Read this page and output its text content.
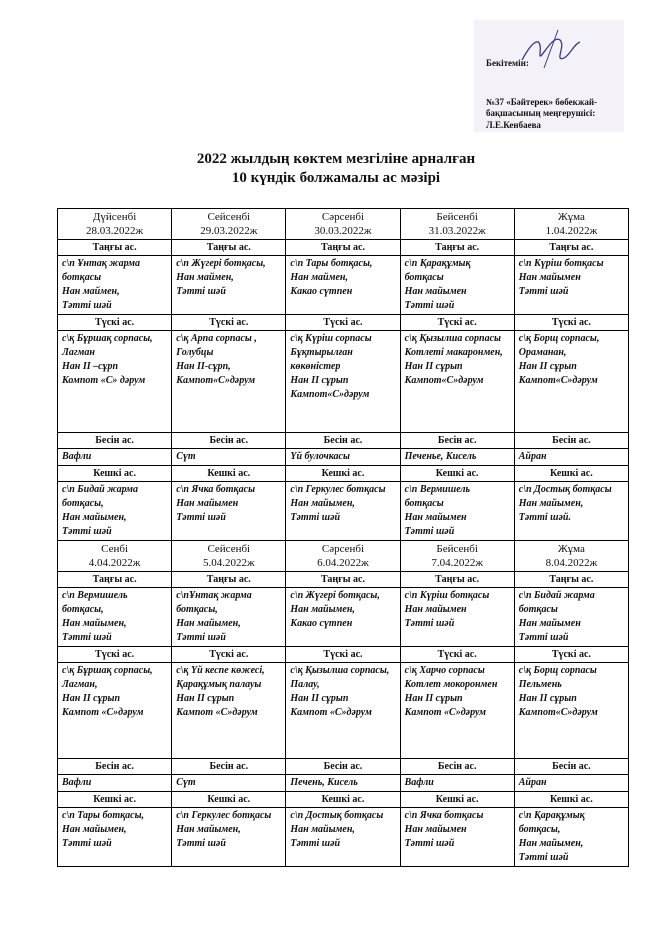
Бекітемін:
№37 «Бәйтерек» бөбекжай-бақшасының меңгерушісі:
Л.Е.Кенбаева
2022 жылдың көктем мезгіліне арналған
10 күндік болжамалы ас мәзірі
Дүйсенбі
28.03.2022ж	Сейсенбі
29.03.2022ж	Сәрсенбі
30.03.2022ж	Бейсенбі
31.03.2022ж	Жұма
1.04.2022ж

Таңғы ас.	Таңғы ас.	Таңғы ас.	Таңғы ас.	Таңғы ас.

с\п Ұнтақ жарма ботқасы
Нан маймен,
Тәтті шәй	с\п Жүгері ботқасы,
Нан маймен,
Тәтті шәй	с\п Тары ботқасы,
Нан маймен,
Какао сүтпен	с\п Қарақұмық ботқасы
Нан майымен
Тәтті шәй	с\п Күріш ботқасы
Нан майымен
Тәтті шәй

Түскі ас.	Түскі ас.	Түскі ас.	Түскі ас.	Түскі ас.

с\қ Бұршақ сорпасы,
Лагман
Нан ІІ –сұрп
Компот «С» дәрум	с\қ Арпа сорпасы ,
Голубцы
Нан ІІ-сұрп,
Кампот«С»дәрум	с\қ Күріш сорпасы
Бұқтырылған көкөністер
Нан ІІ сұрып
Кампот«С»дәрум	с\қ Қызылша сорпасы
Котлеті макаронмен,
Нан ІІ сұрып
Кампот«С»дәрум	с\қ Борщ сорпасы,
Ораманан,
Нан ІІ сұрып
Кампот«С»дәрум

Бесін ас.	Бесін ас.	Бесін ас.	Бесін ас.	Бесін ас.

Вафли	Сүт	Үй булочкасы	Печенье, Кисель	Айран

Кешкі ас.	Кешкі ас.	Кешкі ас.	Кешкі ас.	Кешкі ас.

с\п Бидай жарма ботқасы,
Нан майымен,
Тәтті шәй	с\п Ячка ботқасы
Нан майымен
Тәтті шәй	с\п Геркулес ботқасы
Нан майымен,
Тәтті шәй	с\п Вермишель ботқасы
Нан майымен
Тәтті шәй	с\п Достық ботқасы
Нан майымен,
Тәтті шәй.

Сенбі
4.04.2022ж	Сейсенбі
5.04.2022ж	Сәрсенбі
6.04.2022ж	Бейсенбі
7.04.2022ж	Жұма
8.04.2022ж

Таңғы ас.	Таңғы ас.	Таңғы ас.	Таңғы ас.	Таңғы ас.

с\п Вермишель ботқасы,
Нан майымен,
Тәтті шәй	с\пҰнтақ жарма ботқасы,
Нан майымен,
Тәтті шәй	с\п Жүгері ботқасы,
Нан майымен,
Какао сүтпен	с\п Күріш ботқасы
Нан майымен
Тәтті шәй	с\п Бидай жарма ботқасы
Нан майымен
Тәтті шәй

Түскі ас.	Түскі ас.	Түскі ас.	Түскі ас.	Түскі ас.

с\қ Бұршақ сорпасы,
Лагман,
Нан ІІ сұрып
Кампот «С»дәрум	с\қ Үй кеспе көжесі,
Қарақұмық палауы
Нан ІІ сұрып
Кампот «С»дәрум	с\қ Қызылша сорпасы,
Палау,
Нан ІІ сұрып
Кампот «С»дәрум	с\қ Харчо сорпасы
Котлет мокоронмен
Нан ІІ сұрып
Кампот «С»дәрум	с\қ Борщ сорпасы
Пельмень
Нан ІІ сұрып
Кампот«С»дәрум

Бесін ас.	Бесін ас.	Бесін ас.	Бесін ас.	Бесін ас.

Вафли	Сүт	Печень, Кисель	Вафли	Айран

Кешкі ас.	Кешкі ас.	Кешкі ас.	Кешкі ас.	Кешкі ас.

с\п Тары ботқасы,
Нан майымен,
Тәтті шәй	с\п Геркулес ботқасы
Нан майымен,
Тәтті шәй	с\п Достық ботқасы
Нан майымен,
Тәтті шәй	с\п Ячка ботқасы
Нан майымен
Тәтті шәй	с\п Қарақұмық ботқасы,
Нан майымен,
Тәтті шәй
